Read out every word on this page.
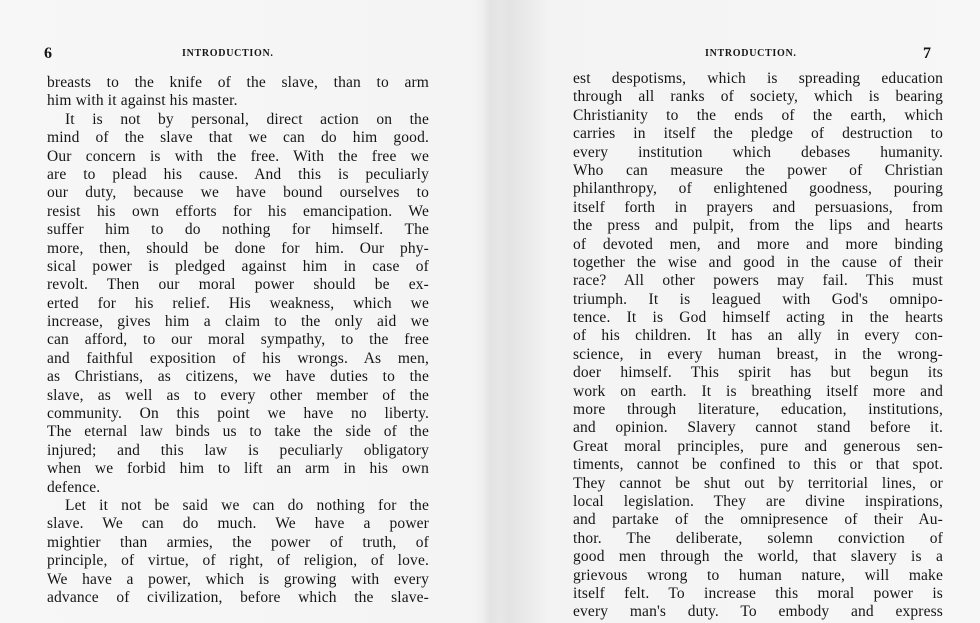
6	INTRODUCTION.
breasts to the knife of the slave, than to arm
him with it against his master.
It is not by personal, direct action on the
mind of the slave that we can do him good.
Our concern is with the free. With the free we
are to plead his cause. And this is peculiarly
our duty, because we have bound ourselves to
resist his own efforts for his emancipation. We
suffer him to do nothing for himself. The
more, then, should be done for him. Our phy-
sical power is pledged against him in case of
revolt. Then our moral power should be ex-
erted for his relief. His weakness, which we
increase, gives him a claim to the only aid we
can afford, to our moral sympathy, to the free
and faithful exposition of his wrongs. As men,
as Christians, as citizens, we have duties to the
slave, as well as to every other member of the
community. On this point we have no liberty.
The eternal law binds us to take the side of the
injured; and this law is peculiarly obligatory
when we forbid him to lift an arm in his own
defence.
Let it not be said we can do nothing for the
slave. We can do much. We have a power
mightier than armies, the power of truth, of
principle, of virtue, of right, of religion, of love.
We have a power, which is growing with every
advance of civilization, before which the slave-
7
INTRODUCTION.
est despotisms, which is spreading education
through all ranks of society, which is bearing
Christianity to the ends of the earth, which
carries in itself the pledge of destruction to
every institution which debases humanity.
Who can measure the power of Christian
philanthropy, of enlightened goodness, pouring
itself forth in prayers and persuasions, from
the press and pulpit, from the lips and hearts
of devoted men, and more and more binding
together the wise and good in the cause of their
race? All other powers may fail. This must
triumph. It is leagued with God's omnipo-
tence. It is God himself acting in the hearts
of his children. It has an ally in every con-
science, in every human breast, in the wrong-
doer himself. This spirit has but begun its
work on earth. It is breathing itself more and
more through literature, education, institutions,
and opinion. Slavery cannot stand before it.
Great moral principles, pure and generous sen-
timents, cannot be confined to this or that spot.
They cannot be shut out by territorial lines, or
local legislation. They are divine inspirations,
and partake of the omnipresence of their Au-
thor. The deliberate, solemn conviction of
good men through the world, that slavery is a
grievous wrong to human nature, will make
itself felt. To increase this moral power is
every man's duty. To embody and express
